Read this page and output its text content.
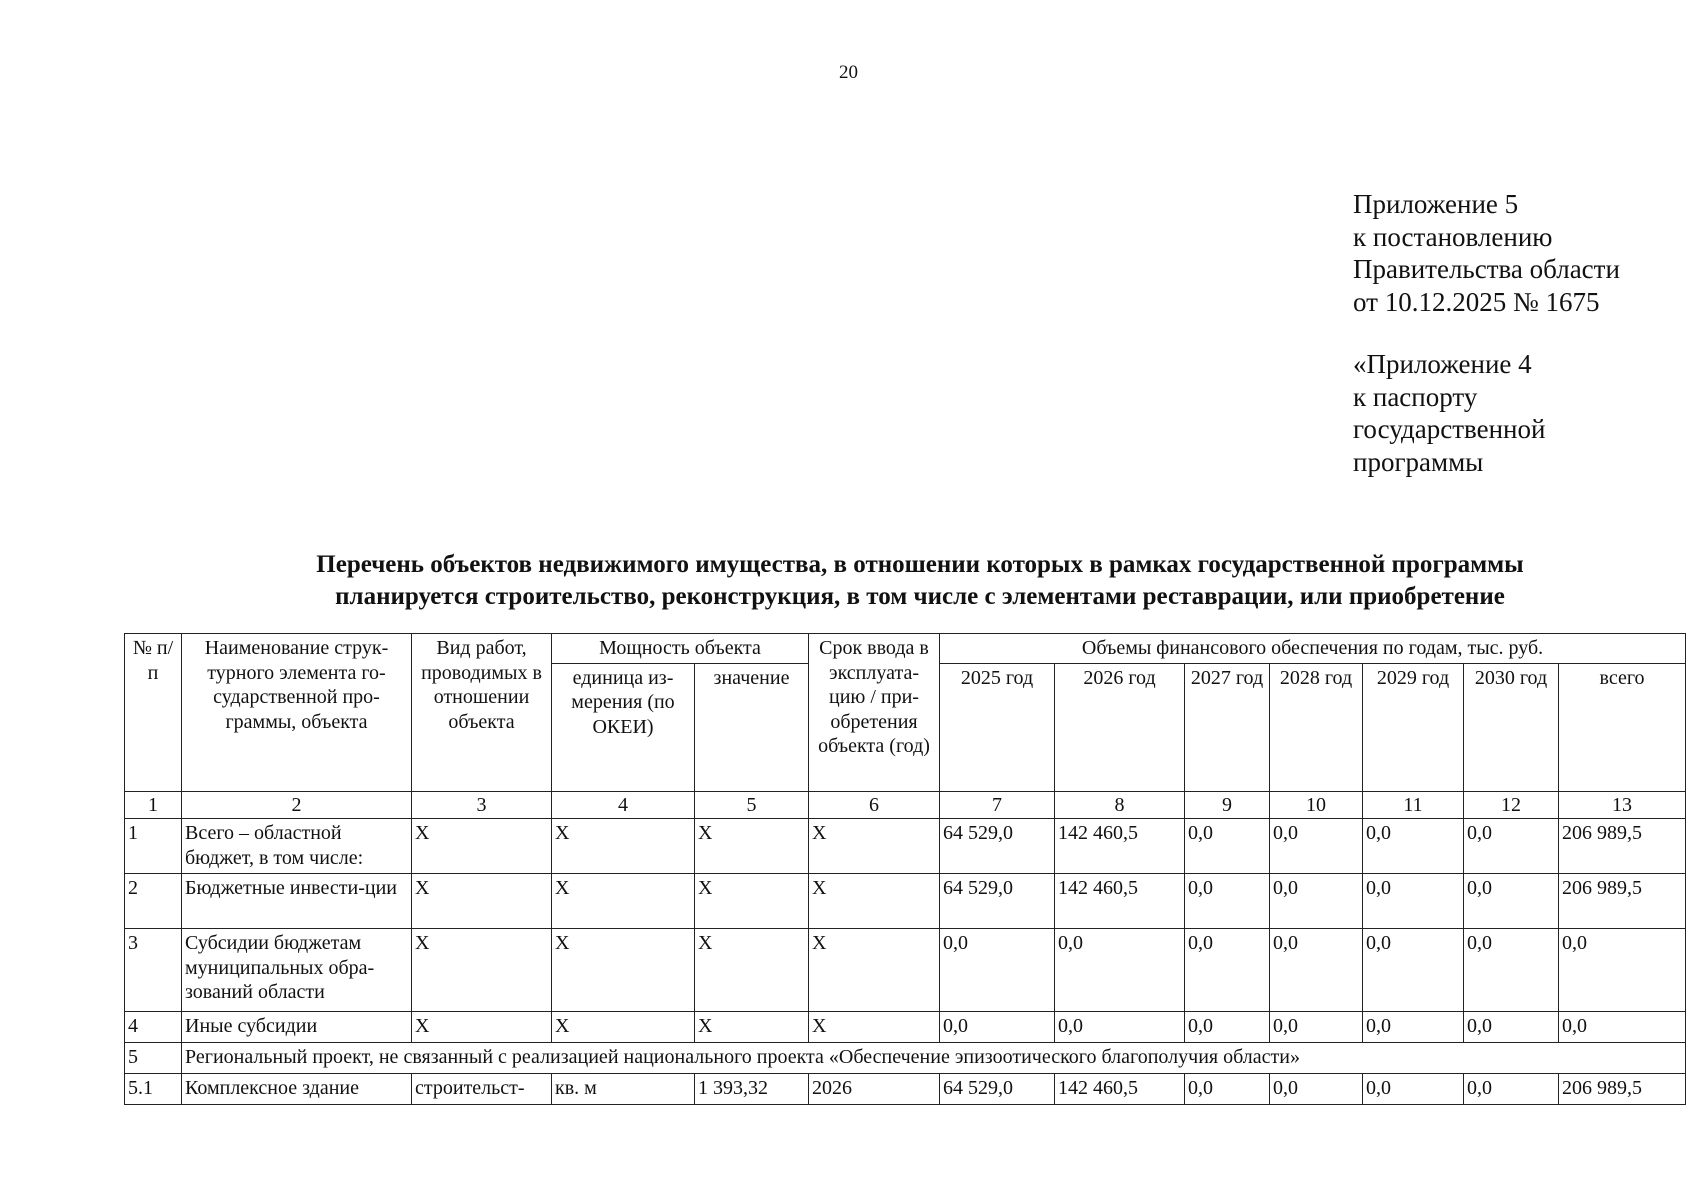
20
Приложение 5
к постановлению
Правительства области
от 10.12.2025 № 1675
«Приложение 4
к паспорту
государственной
программы
Перечень объектов недвижимого имущества, в отношении которых в рамках государственной программы
планируется строительство, реконструкция, в том числе с элементами реставрации, или приобретение
№ п/п	Наименование струк-турного элемента го-сударственной про-граммы, объекта	Вид работ, проводимых в отношении объекта	Мощность объекта		Срок ввода в эксплуата-цию / при-обретения объекта (год)	Объемы финансового обеспечения по годам, тыс. руб.						
			единица из-мерения (по ОКЕИ)	значение		2025 год	2026 год	2027 год	2028 год	2029 год	2030 год	всего
1	2	3	4	5	6	7	8	9	10	11	12	13
1	Всего – областной бюджет, в том числе:	X	X	X	X	64 529,0	142 460,5	0,0	0,0	0,0	0,0	206 989,5
2	Бюджетные инвести-ции	X	X	X	X	64 529,0	142 460,5	0,0	0,0	0,0	0,0	206 989,5
3	Субсидии бюджетам муниципальных обра-зований области	X	X	X	X	0,0	0,0	0,0	0,0	0,0	0,0	0,0
4	Иные субсидии	X	X	X	X	0,0	0,0	0,0	0,0	0,0	0,0	0,0
5	Региональный проект, не связанный с реализацией национального проекта «Обеспечение эпизоотического благополучия области»											
5.1	Комплексное здание	строительст-	кв. м	1 393,32	2026	64 529,0	142 460,5	0,0	0,0	0,0	0,0	206 989,5
